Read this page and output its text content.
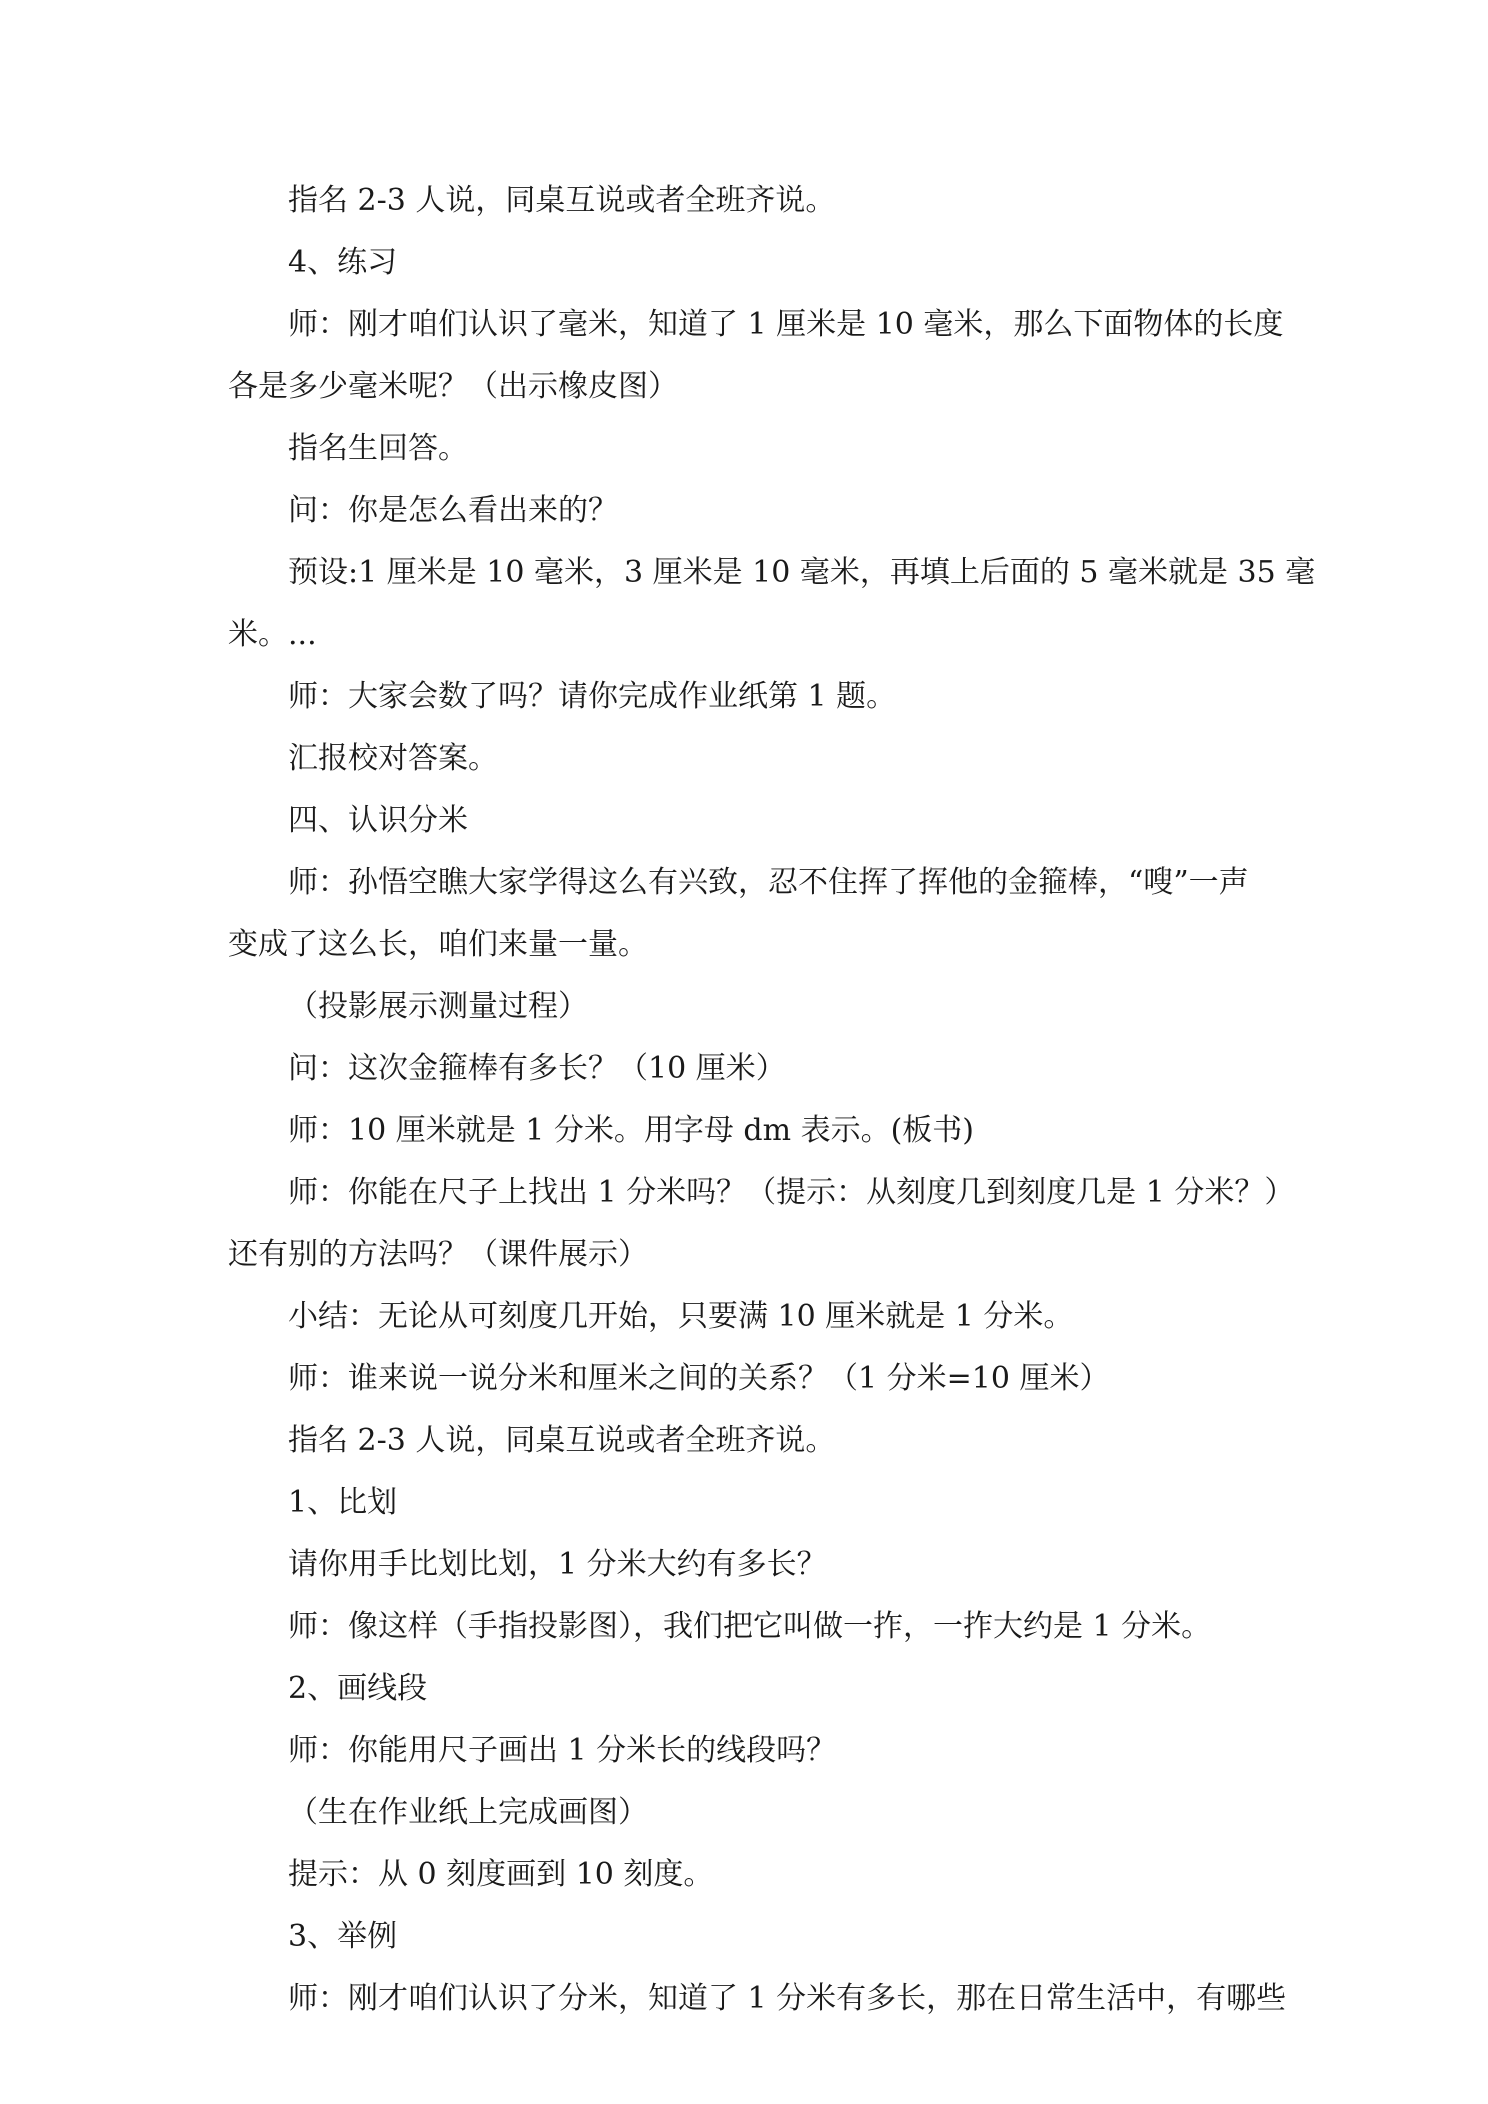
指名 2-3 人说，同桌互说或者全班齐说。

4、练习

师：刚才咱们认识了毫米，知道了 1 厘米是 10 毫米，那么下面物体的长度

各是多少毫米呢？（出示橡皮图）

指名生回答。

问：你是怎么看出来的？

预设:1 厘米是 10 毫米，3 厘米是 10 毫米，再填上后面的 5 毫米就是 35 毫

米。...

师：大家会数了吗？请你完成作业纸第 1 题。

汇报校对答案。

四、认识分米

师：孙悟空瞧大家学得这么有兴致，忍不住挥了挥他的金箍棒，“嗖”一声

变成了这么长，咱们来量一量。

（投影展示测量过程）

问：这次金箍棒有多长？（10 厘米）

师：10 厘米就是 1 分米。用字母 dm 表示。(板书)

师：你能在尺子上找出 1 分米吗？（提示：从刻度几到刻度几是 1 分米？）

还有别的方法吗？（课件展示）

小结：无论从可刻度几开始，只要满 10 厘米就是 1 分米。

师：谁来说一说分米和厘米之间的关系？（1 分米=10 厘米）

指名 2-3 人说，同桌互说或者全班齐说。

1、比划

请你用手比划比划，1 分米大约有多长？

师：像这样（手指投影图），我们把它叫做一拃，一拃大约是 1 分米。

2、画线段

师：你能用尺子画出 1 分米长的线段吗？

（生在作业纸上完成画图）

提示：从 0 刻度画到 10 刻度。

3、举例

师：刚才咱们认识了分米，知道了 1 分米有多长，那在日常生活中，有哪些
